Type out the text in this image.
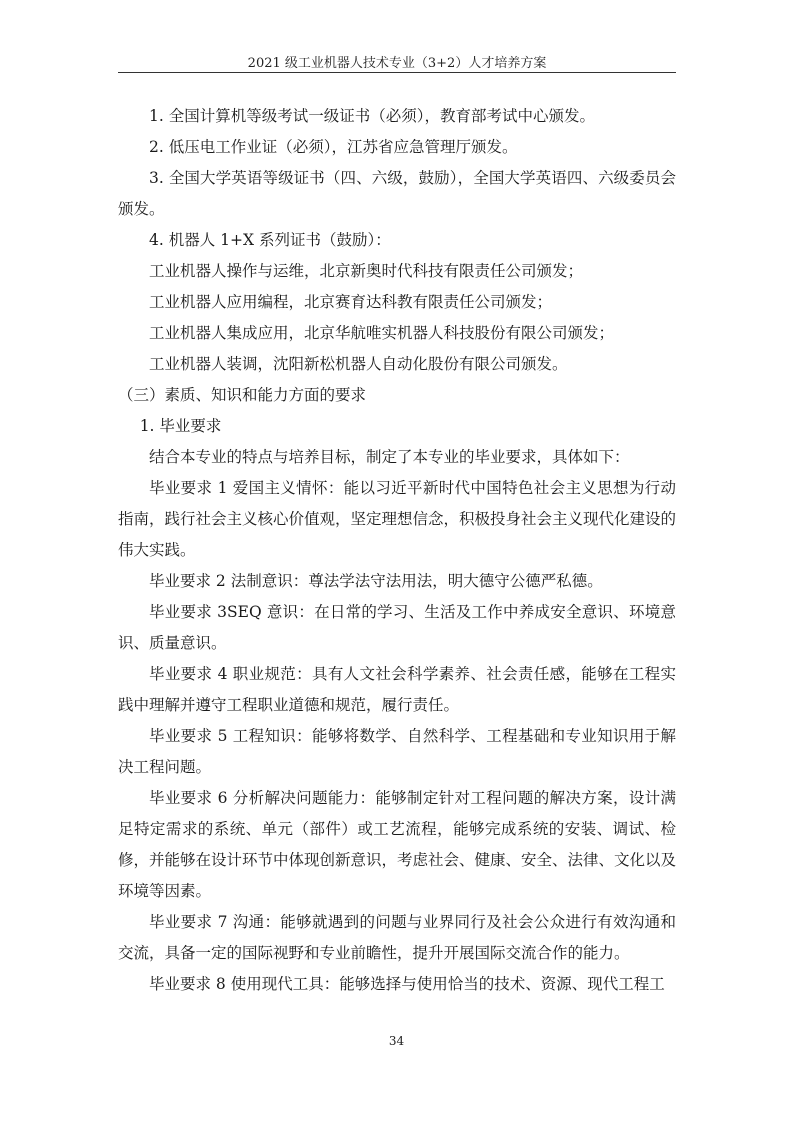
2021 级工业机器人技术专业（3+2）人才培养方案

1. 全国计算机等级考试一级证书（必须），教育部考试中心颁发。

2. 低压电工作业证（必须），江苏省应急管理厅颁发。

3. 全国大学英语等级证书（四、六级，鼓励），全国大学英语四、六级委员会颁发。

4. 机器人 1+X 系列证书（鼓励）：

工业机器人操作与运维，北京新奥时代科技有限责任公司颁发；

工业机器人应用编程，北京赛育达科教有限责任公司颁发；

工业机器人集成应用，北京华航唯实机器人科技股份有限公司颁发；

工业机器人装调，沈阳新松机器人自动化股份有限公司颁发。

（三）素质、知识和能力方面的要求

1. 毕业要求

结合本专业的特点与培养目标，制定了本专业的毕业要求，具体如下：

毕业要求 1 爱国主义情怀：能以习近平新时代中国特色社会主义思想为行动指南，践行社会主义核心价值观，坚定理想信念，积极投身社会主义现代化建设的伟大实践。

毕业要求 2 法制意识：尊法学法守法用法，明大德守公德严私德。

毕业要求 3SEQ 意识：在日常的学习、生活及工作中养成安全意识、环境意识、质量意识。

毕业要求 4 职业规范：具有人文社会科学素养、社会责任感，能够在工程实践中理解并遵守工程职业道德和规范，履行责任。

毕业要求 5 工程知识：能够将数学、自然科学、工程基础和专业知识用于解决工程问题。

毕业要求 6 分析解决问题能力：能够制定针对工程问题的解决方案，设计满足特定需求的系统、单元（部件）或工艺流程，能够完成系统的安装、调试、检修，并能够在设计环节中体现创新意识，考虑社会、健康、安全、法律、文化以及环境等因素。

毕业要求 7 沟通：能够就遇到的问题与业界同行及社会公众进行有效沟通和交流，具备一定的国际视野和专业前瞻性，提升开展国际交流合作的能力。

毕业要求 8 使用现代工具：能够选择与使用恰当的技术、资源、现代工程工

34
